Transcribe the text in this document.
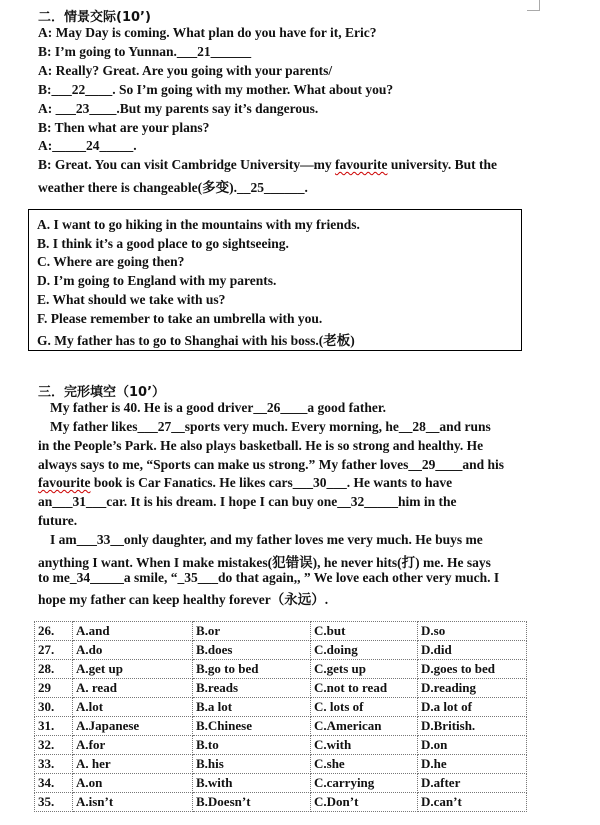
二．情景交际(10’)
A: May Day is coming. What plan do you have for it, Eric?
B: I’m going to Yunnan.___21______
A: Really? Great. Are you going with your parents/
B:___22____. So I’m going with my mother. What about you?
A: ___23____.But my parents say it’s dangerous.
B: Then what are your plans?
A:_____24_____.
B: Great. You can visit Cambridge University—my favourite university. But the
weather there is changeable(多变).__25______.
A. I want to go hiking in the mountains with my friends.
B. I think it’s a good place to go sightseeing.
C. Where are going then?
D. I’m going to England with my parents.
E. What should we take with us?
F. Please remember to take an umbrella with you.
G. My father has to go to Shanghai with his boss.(老板)
三．完形填空（10’）
My father is 40. He is a good driver__26____a good father.
My father likes___27__sports very much. Every morning, he__28__and runs
in the People’s Park. He also plays basketball. He is so strong and healthy. He
always says to me, “Sports can make us strong.” My father loves__29____and his
favourite book is Car Fanatics. He likes cars___30___. He wants to have
an___31___car. It is his dream. I hope I can buy one__32_____him in the
future.
I am___33__only daughter, and my father loves me very much. He buys me
anything I want. When I make mistakes(犯错误), he never hits(打) me. He says
to me_34_____a smile, “_35___do that again,, ” We love each other very much. I
hope my father can keep healthy forever（永远）.
26.	A.and	B.or	C.but	D.so
27.	A.do	B.does	C.doing	D.did
28.	A.get up	B.go to bed	C.gets up	D.goes to bed
29	A. read	B.reads	C.not to read	D.reading
30.	A.lot	B.a lot	C. lots of	D.a lot of
31.	A.Japanese	B.Chinese	C.American	D.British.
32.	A.for	B.to	C.with	D.on
33.	A. her	B.his	C.she	D.he
34.	A.on	B.with	C.carrying	D.after
35.	A.isn’t	B.Doesn’t	C.Don’t	D.can’t
